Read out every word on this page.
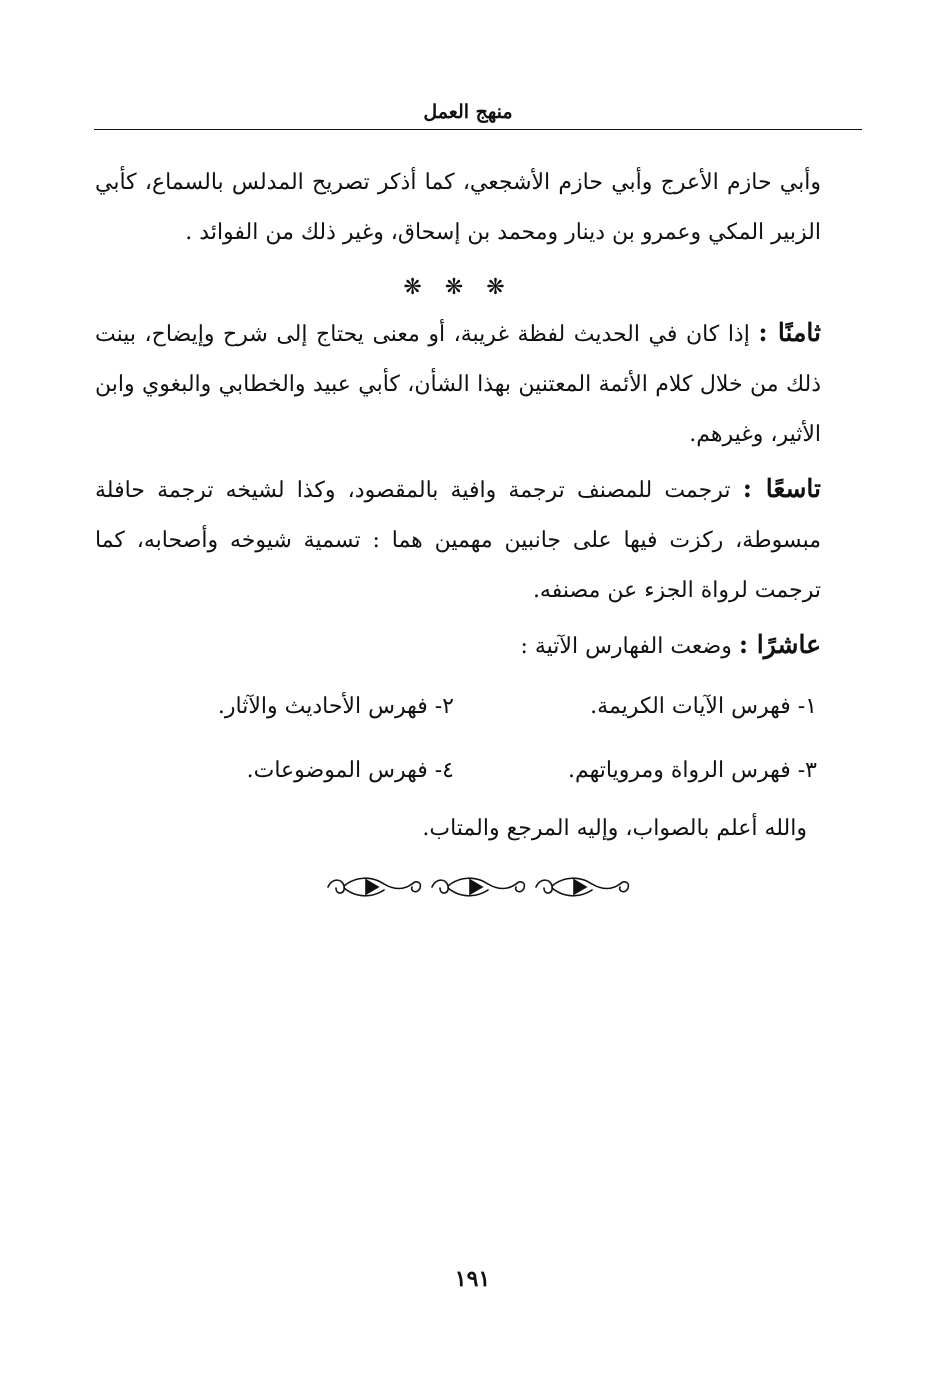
منهج العمل

وأبي حازم الأعرج وأبي حازم الأشجعي، كما أذكر تصريح المدلس بالسماع، كأبي الزبير المكي وعمرو بن دينار ومحمد بن إسحاق، وغير ذلك من الفوائد .

❋ ❋ ❋

ثامنًا : إذا كان في الحديث لفظة غريبة، أو معنى يحتاج إلى شرح وإيضاح، بينت ذلك من خلال كلام الأئمة المعتنين بهذا الشأن، كأبي عبيد والخطابي والبغوي وابن الأثير، وغيرهم.

تاسعًا : ترجمت للمصنف ترجمة وافية بالمقصود، وكذا لشيخه ترجمة حافلة مبسوطة، ركزت فيها على جانبين مهمين هما : تسمية شيوخه وأصحابه، كما ترجمت لرواة الجزء عن مصنفه.

عاشرًا : وضعت الفهارس الآتية :

١- فهرس الآيات الكريمة.
٢- فهرس الأحاديث والآثار.
٣- فهرس الرواة ومروياتهم.
٤- فهرس الموضوعات.

والله أعلم بالصواب، وإليه المرجع والمتاب.

١٩١
